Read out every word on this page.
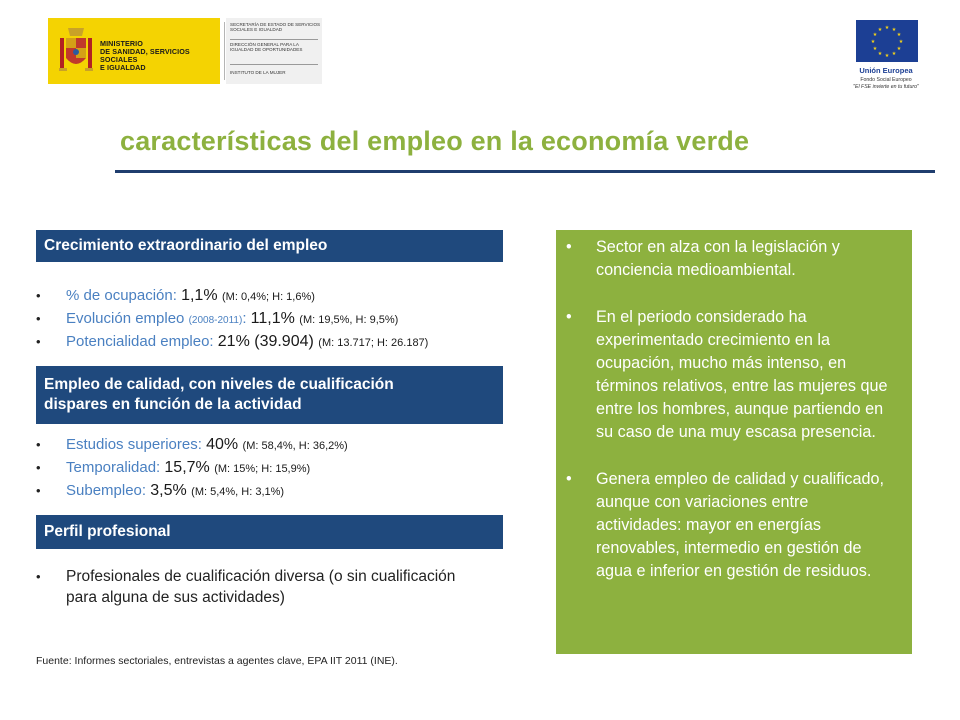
MINISTERIO
DE SANIDAD, SERVICIOS SOCIALES
E IGUALDAD
SECRETARÍA DE ESTADO DE SERVICIOS SOCIALES E IGUALDAD
DIRECCIÓN GENERAL PARA LA IGUALDAD DE OPORTUNIDADES
INSTITUTO DE LA MUJER
★ ★
★
★
★
★
★
★
★
★
★
★
Unión Europea
Fondo Social Europeo
"El FSE invierte en tu futuro"
características del empleo en la economía verde
Crecimiento extraordinario del empleo
• % de ocupación: 1,1% (M: 0,4%; H: 1,6%)
• Evolución empleo (2008-2011): 11,1% (M: 19,5%, H: 9,5%)
• Potencialidad empleo: 21% (39.904) (M: 13.717; H: 26.187)
Empleo de calidad, con niveles de cualificación
dispares en función de la actividad
• Estudios superiores: 40% (M: 58,4%, H: 36,2%)
• Temporalidad: 15,7% (M: 15%; H: 15,9%)
• Subempleo: 3,5% (M: 5,4%, H: 3,1%)
Perfil profesional
• Profesionales de cualificación diversa (o sin cualificación para alguna de sus actividades)
Fuente: Informes sectoriales, entrevistas a agentes clave, EPA IIT 2011 (INE).
• Sector en alza con la legislación y conciencia medioambiental.
• En el periodo considerado ha experimentado crecimiento en la ocupación, mucho más intenso, en términos relativos, entre las mujeres que entre los hombres, aunque partiendo en su caso de una muy escasa presencia.
• Genera empleo de calidad y cualificado, aunque con variaciones entre actividades: mayor en energías renovables, intermedio en gestión de agua e inferior en gestión de residuos.
